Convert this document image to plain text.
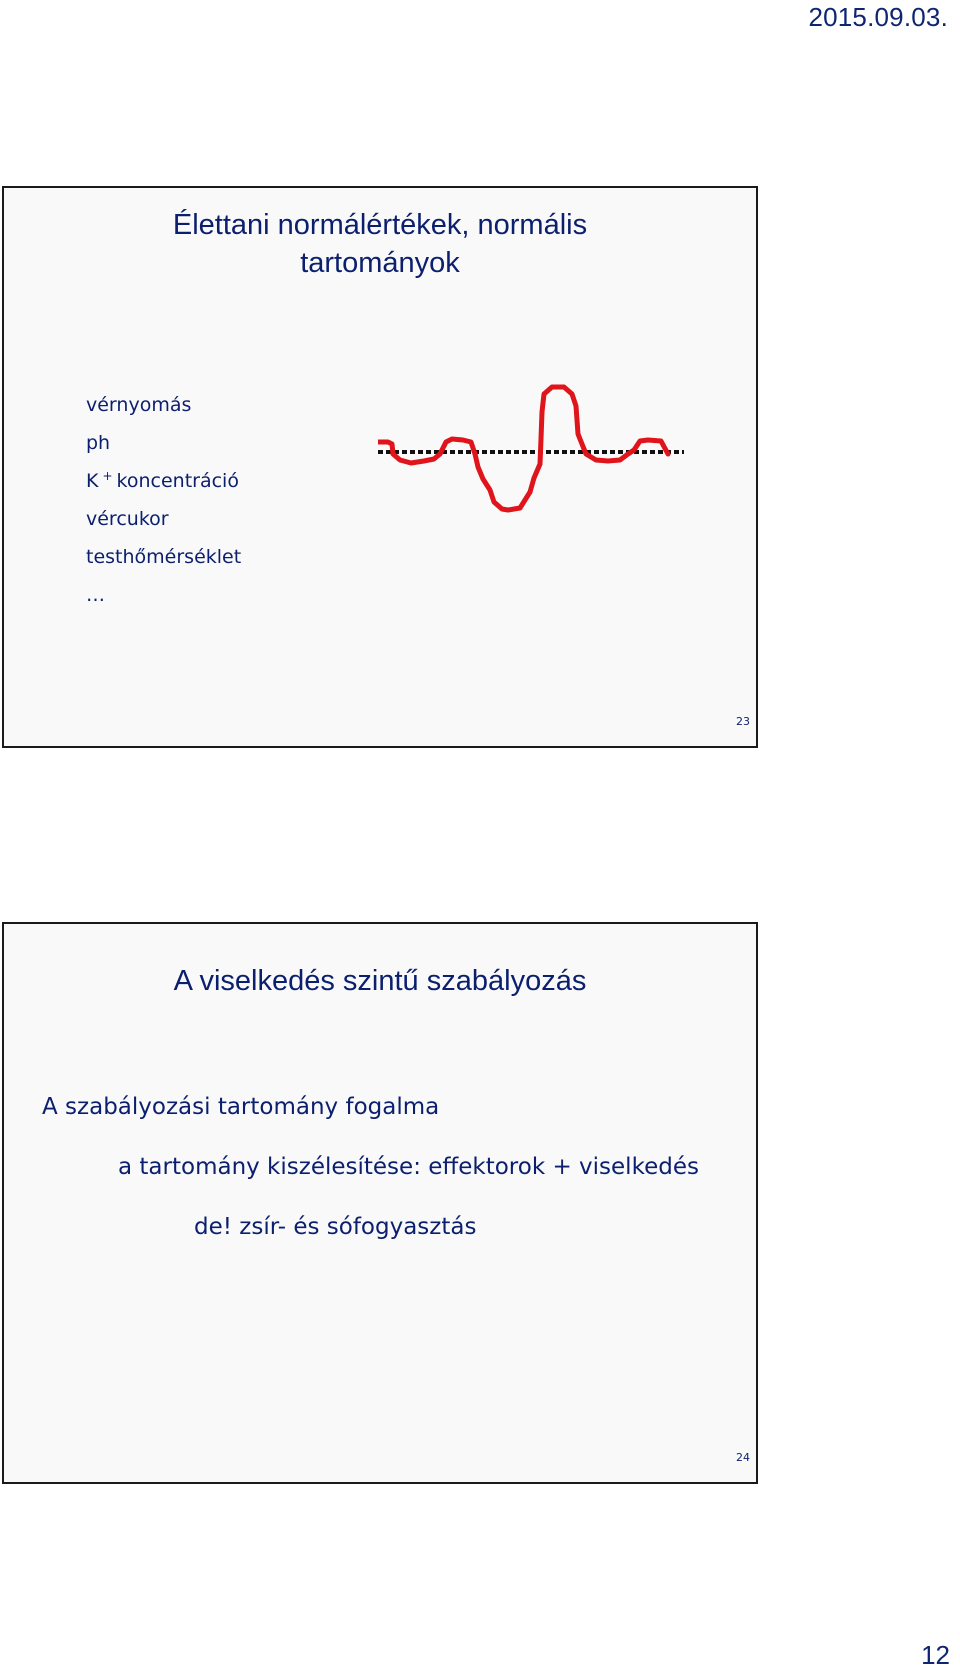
2015.09.03.
Élettani normálértékek, normális
tartományok
vérnyomás
ph
K + koncentráció
vércukor
testhőmérséklet
…
23
A viselkedés szintű szabályozás
A szabályozási tartomány fogalma
a tartomány kiszélesítése: effektorok + viselkedés
de! zsír- és sófogyasztás
24
12
